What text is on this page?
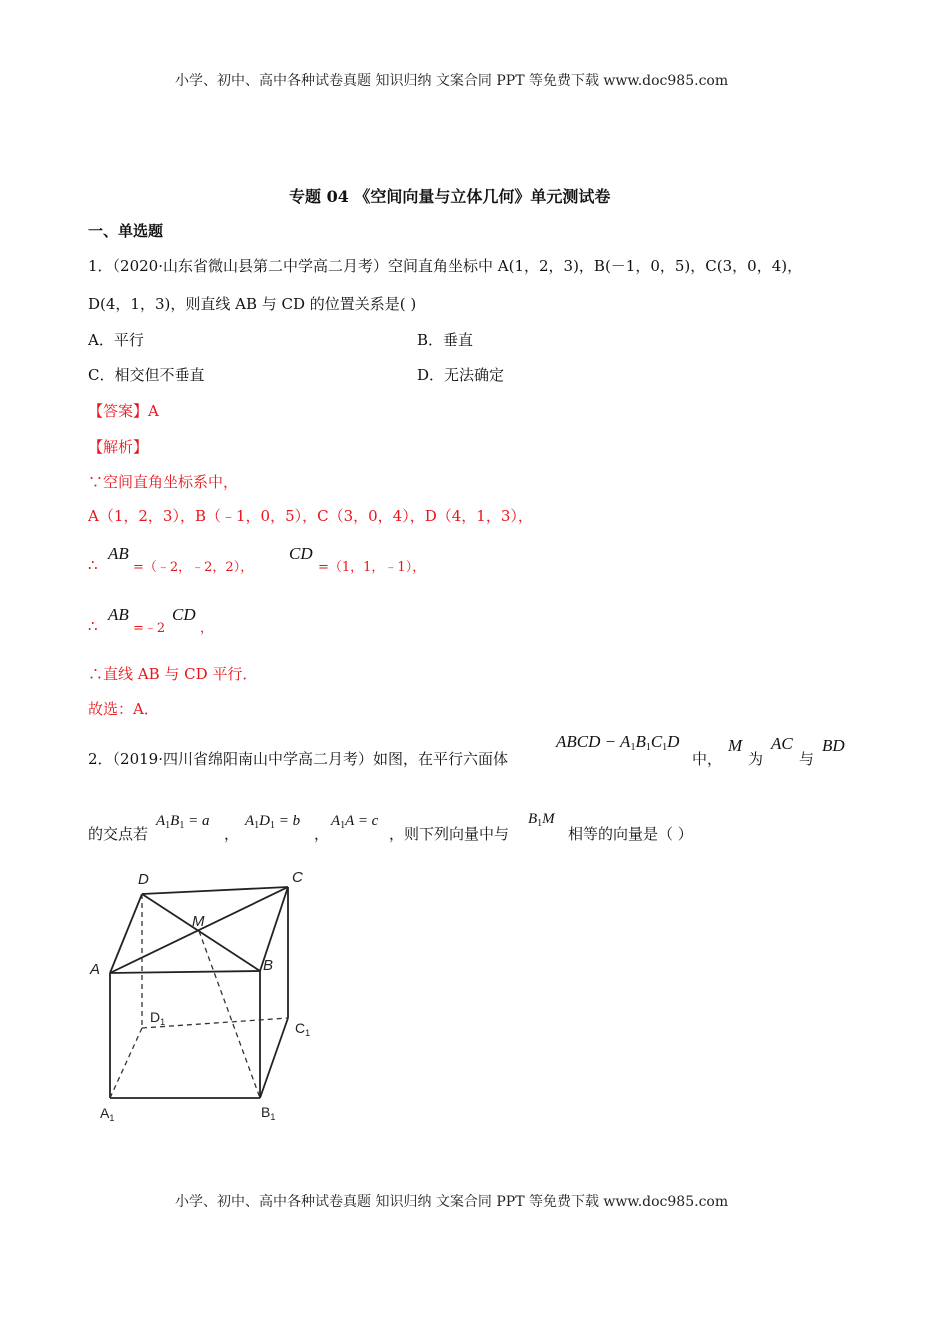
小学、初中、高中各种试卷真题 知识归纳 文案合同 PPT 等免费下载 www.doc985.com
专题 04 《空间向量与立体几何》单元测试卷
一、单选题
1．（2020·山东省微山县第二中学高二月考）空间直角坐标中 A(1，2，3)，B(－1，0，5)，C(3，0，4)，
D(4，1，3)，则直线 AB 与 CD 的位置关系是( )
A．平行	B．垂直
C．相交但不垂直	D．无法确定
【答案】A
【解析】
∵空间直角坐标系中，
A（1，2，3），B（﹣1，0，5），C（3，0，4），D（4，1，3），
∴
AB
=（﹣2，﹣2，2），
CD
=（1，1，﹣1），
∴
AB
=﹣2
CD
，
∴直线 AB 与 CD 平行．
故选：A．
2．（2019·四川省绵阳南山中学高二月考）如图，在平行六面体
ABCD − $A_1B_1C_1D$
中，
M
为
AC
与
BD
的交点若
$A_1B_1 = a$
，
$A_1D_1 = b$
，
$A_1A = c$
，则下列向量中与
$B_1M$
相等的向量是（ ）
D	C
M
A	B
$D_1$	$C_1$
$A_1$	$B_1$
小学、初中、高中各种试卷真题 知识归纳 文案合同 PPT 等免费下载 www.doc985.com
